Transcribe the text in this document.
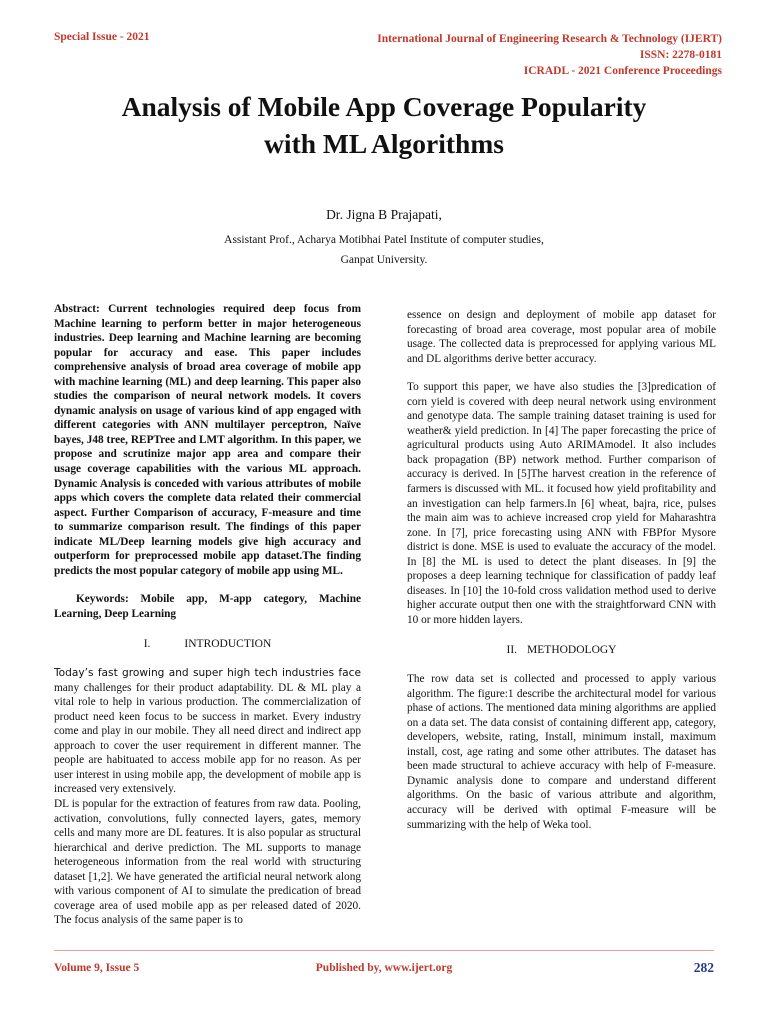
Special Issue - 2021	International Journal of Engineering Research & Technology (IJERT)
ISSN: 2278-0181
ICRADL - 2021 Conference Proceedings
Analysis of Mobile App Coverage Popularity
with ML Algorithms
Dr. Jigna B Prajapati,
Assistant Prof., Acharya Motibhai Patel Institute of computer studies,
Ganpat University.

Abstract: Current technologies required deep focus from Machine learning to perform better in major heterogeneous industries. Deep learning and Machine learning are becoming popular for accuracy and ease. This paper includes comprehensive analysis of broad area coverage of mobile app with machine learning (ML) and deep learning. This paper also studies the comparison of neural network models. It covers dynamic analysis on usage of various kind of app engaged with different categories with ANN multilayer perceptron, Naïve bayes, J48 tree, REPTree and LMT algorithm. In this paper, we propose and scrutinize major app area and compare their usage coverage capabilities with the various ML approach. Dynamic Analysis is conceded with various attributes of mobile apps which covers the complete data related their commercial aspect. Further Comparison of accuracy, F-measure and time to summarize comparison result. The findings of this paper indicate ML/Deep learning models give high accuracy and outperform for preprocessed mobile app dataset.The finding predicts the most popular category of mobile app using ML.

Keywords: Mobile app, M-app category, Machine Learning, Deep Learning

I.	INTRODUCTION

Today’s fast growing and super high tech industries face many challenges for their product adaptability. DL & ML play a vital role to help in various production. The commercialization of product need keen focus to be success in market. Every industry come and play in our mobile. They all need direct and indirect app approach to cover the user requirement in different manner. The people are habituated to access mobile app for no reason. As per user interest in using mobile app, the development of mobile app is increased very extensively.

DL is popular for the extraction of features from raw data. Pooling, activation, convolutions, fully connected layers, gates, memory cells and many more are DL features. It is also popular as structural hierarchical and derive prediction. The ML supports to manage heterogeneous information from the real world with structuring dataset [1,2]. We have generated the artificial neural network along with various component of AI to simulate the predication of bread coverage area of used mobile app as per released dated of 2020. The focus analysis of the same paper is to

essence on design and deployment of mobile app dataset for forecasting of broad area coverage, most popular area of mobile usage. The collected data is preprocessed for applying various ML and DL algorithms derive better accuracy.

To support this paper, we have also studies the [3]predication of corn yield is covered with deep neural network using environment and genotype data. The sample training dataset training is used for weather& yield prediction. In [4] The paper forecasting the price of agricultural products using Auto ARIMAmodel. It also includes back propagation (BP) network method. Further comparison of accuracy is derived. In [5]The harvest creation in the reference of farmers is discussed with ML. it focused how yield profitability and an investigation can help farmers.In [6] wheat, bajra, rice, pulses the main aim was to achieve increased crop yield for Maharashtra zone. In [7], price forecasting using ANN with FBPfor Mysore district is done. MSE is used to evaluate the accuracy of the model. In [8] the ML is used to detect the plant diseases. In [9] the proposes a deep learning technique for classification of paddy leaf diseases. In [10] the 10-fold cross validation method used to derive higher accurate output then one with the straightforward CNN with 10 or more hidden layers.

II. METHODOLOGY

The row data set is collected and processed to apply various algorithm. The figure:1 describe the architectural model for various phase of actions. The mentioned data mining algorithms are applied on a data set. The data consist of containing different app, category, developers, website, rating, Install, minimum install, maximum install, cost, age rating and some other attributes. The dataset has been made structural to achieve accuracy with help of F-measure. Dynamic analysis done to compare and understand different algorithms. On the basic of various attribute and algorithm, accuracy will be derived with optimal F-measure will be summarizing with the help of Weka tool.

Volume 9, Issue 5	Published by, www.ijert.org	282
